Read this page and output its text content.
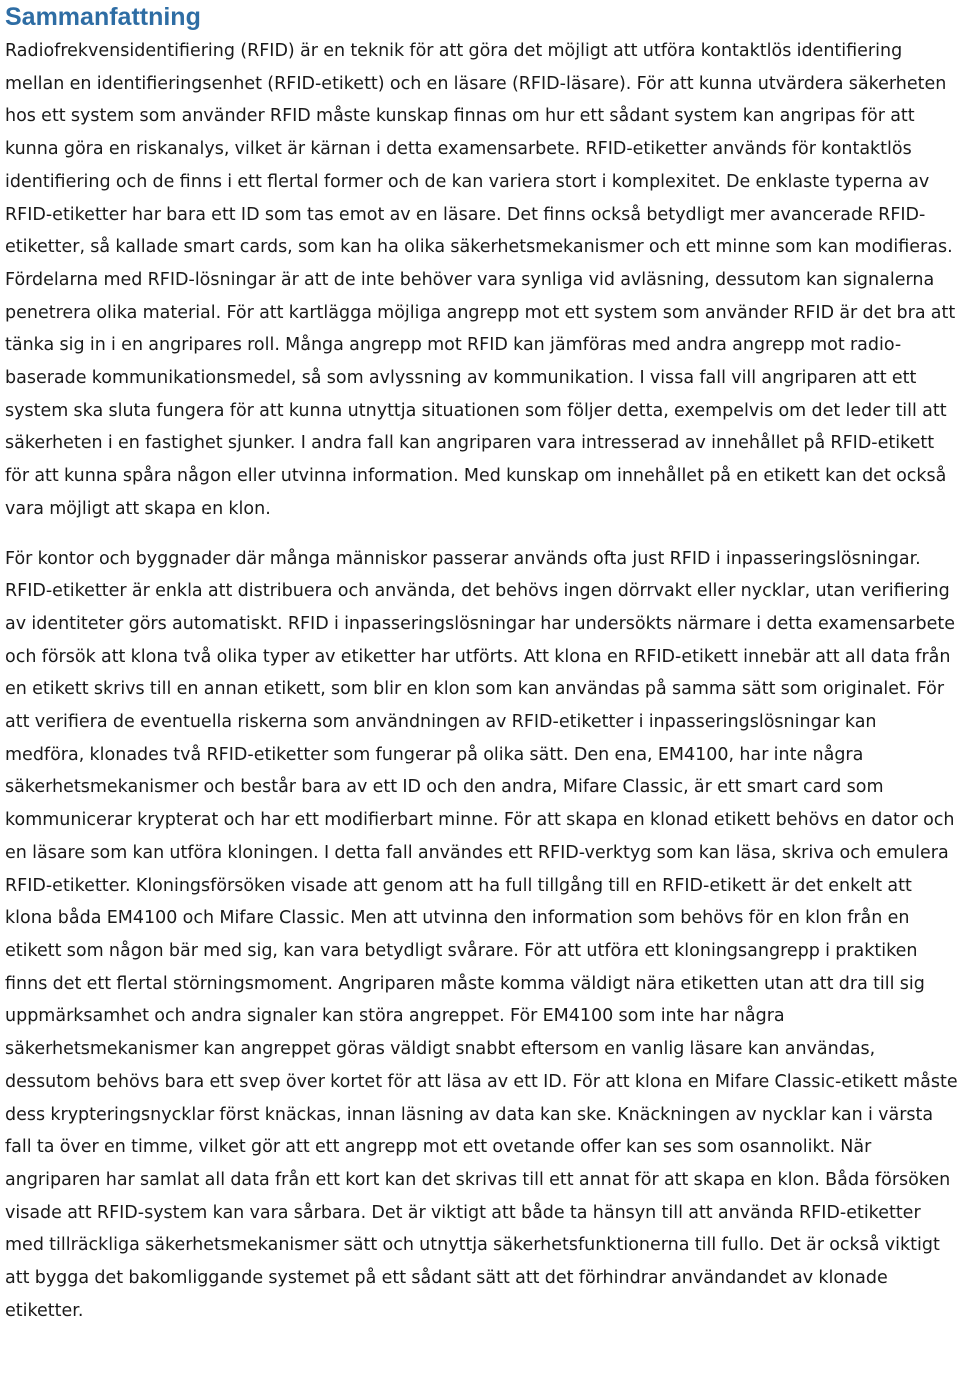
Sammanfattning

Radiofrekvensidentifiering (RFID) är en teknik för att göra det möjligt att utföra kontaktlös identifiering mellan en identifieringsenhet (RFID-etikett) och en läsare (RFID-läsare). För att kunna utvärdera säkerheten hos ett system som använder RFID måste kunskap finnas om hur ett sådant system kan angripas för att kunna göra en riskanalys, vilket är kärnan i detta examensarbete. RFID-etiketter används för kontaktlös identifiering och de finns i ett flertal former och de kan variera stort i komplexitet. De enklaste typerna av RFID-etiketter har bara ett ID som tas emot av en läsare. Det finns också betydligt mer avancerade RFID-etiketter, så kallade smart cards, som kan ha olika säkerhetsmekanismer och ett minne som kan modifieras. Fördelarna med RFID-lösningar är att de inte behöver vara synliga vid avläsning, dessutom kan signalerna penetrera olika material. För att kartlägga möjliga angrepp mot ett system som använder RFID är det bra att tänka sig in i en angripares roll. Många angrepp mot RFID kan jämföras med andra angrepp mot radio-baserade kommunikationsmedel, så som avlyssning av kommunikation. I vissa fall vill angriparen att ett system ska sluta fungera för att kunna utnyttja situationen som följer detta, exempelvis om det leder till att säkerheten i en fastighet sjunker. I andra fall kan angriparen vara intresserad av innehållet på RFID-etikett för att kunna spåra någon eller utvinna information. Med kunskap om innehållet på en etikett kan det också vara möjligt att skapa en klon.

För kontor och byggnader där många människor passerar används ofta just RFID i inpasseringslösningar. RFID-etiketter är enkla att distribuera och använda, det behövs ingen dörrvakt eller nycklar, utan verifiering av identiteter görs automatiskt. RFID i inpasseringslösningar har undersökts närmare i detta examensarbete och försök att klona två olika typer av etiketter har utförts. Att klona en RFID-etikett innebär att all data från en etikett skrivs till en annan etikett, som blir en klon som kan användas på samma sätt som originalet. För att verifiera de eventuella riskerna som användningen av RFID-etiketter i inpasseringslösningar kan medföra, klonades två RFID-etiketter som fungerar på olika sätt. Den ena, EM4100, har inte några säkerhetsmekanismer och består bara av ett ID och den andra, Mifare Classic, är ett smart card som kommunicerar krypterat och har ett modifierbart minne. För att skapa en klonad etikett behövs en dator och en läsare som kan utföra kloningen. I detta fall användes ett RFID-verktyg som kan läsa, skriva och emulera RFID-etiketter. Kloningsförsöken visade att genom att ha full tillgång till en RFID-etikett är det enkelt att klona båda EM4100 och Mifare Classic. Men att utvinna den information som behövs för en klon från en etikett som någon bär med sig, kan vara betydligt svårare. För att utföra ett kloningsangrepp i praktiken finns det ett flertal störningsmoment. Angriparen måste komma väldigt nära etiketten utan att dra till sig uppmärksamhet och andra signaler kan störa angreppet. För EM4100 som inte har några säkerhetsmekanismer kan angreppet göras väldigt snabbt eftersom en vanlig läsare kan användas, dessutom behövs bara ett svep över kortet för att läsa av ett ID. För att klona en Mifare Classic-etikett måste dess krypteringsnycklar först knäckas, innan läsning av data kan ske. Knäckningen av nycklar kan i värsta fall ta över en timme, vilket gör att ett angrepp mot ett ovetande offer kan ses som osannolikt. När angriparen har samlat all data från ett kort kan det skrivas till ett annat för att skapa en klon. Båda försöken visade att RFID-system kan vara sårbara. Det är viktigt att både ta hänsyn till att använda RFID-etiketter med tillräckliga säkerhetsmekanismer sätt och utnyttja säkerhetsfunktionerna till fullo. Det är också viktigt att bygga det bakomliggande systemet på ett sådant sätt att det förhindrar användandet av klonade etiketter.
